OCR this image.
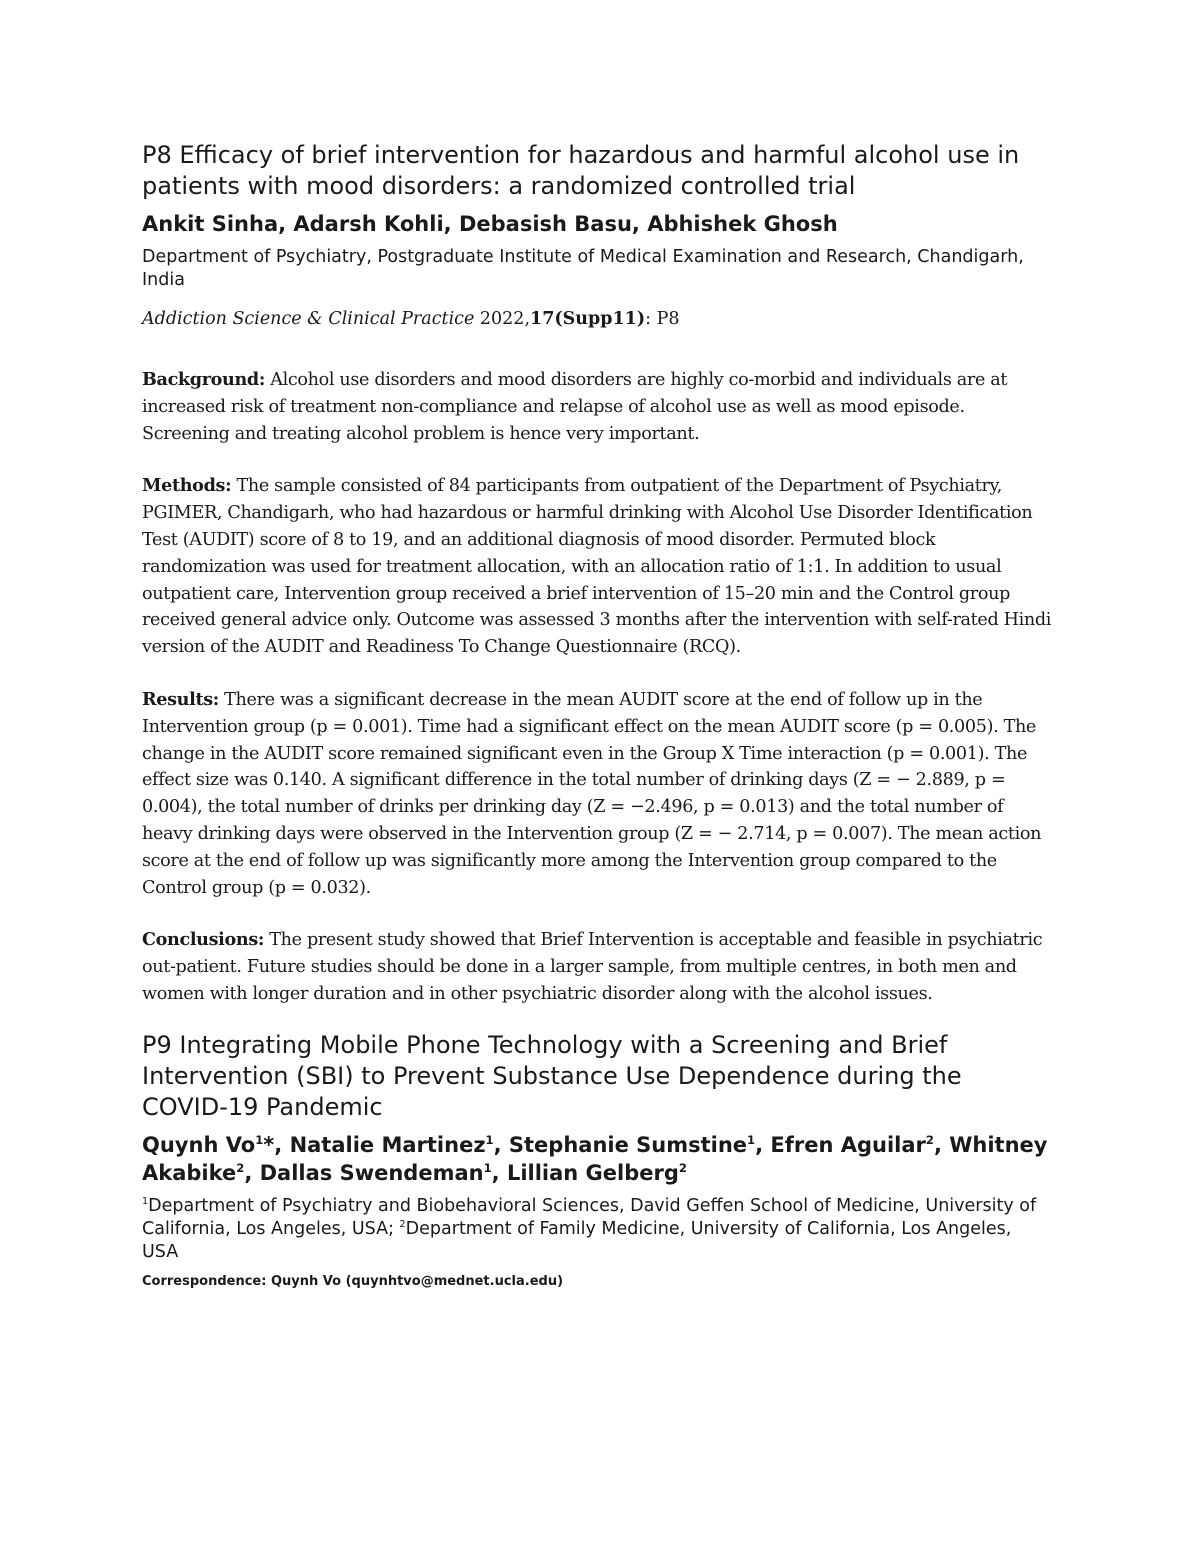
P8 Efficacy of brief intervention for hazardous and harmful alcohol use in patients with mood disorders: a randomized controlled trial

Ankit Sinha, Adarsh Kohli, Debasish Basu, Abhishek Ghosh

Department of Psychiatry, Postgraduate Institute of Medical Examination and Research, Chandigarh, India

Addiction Science & Clinical Practice 2022,17(Supp11): P8

Background: Alcohol use disorders and mood disorders are highly co-morbid and individuals are at increased risk of treatment non-compliance and relapse of alcohol use as well as mood episode. Screening and treating alcohol problem is hence very important.

Methods: The sample consisted of 84 participants from outpatient of the Department of Psychiatry, PGIMER, Chandigarh, who had hazardous or harmful drinking with Alcohol Use Disorder Identification Test (AUDIT) score of 8 to 19, and an additional diagnosis of mood disorder. Permuted block randomization was used for treatment allocation, with an allocation ratio of 1:1. In addition to usual outpatient care, Intervention group received a brief intervention of 15–20 min and the Control group received general advice only. Outcome was assessed 3 months after the intervention with self-rated Hindi version of the AUDIT and Readiness To Change Questionnaire (RCQ).

Results: There was a significant decrease in the mean AUDIT score at the end of follow up in the Intervention group (p = 0.001). Time had a significant effect on the mean AUDIT score (p = 0.005). The change in the AUDIT score remained significant even in the Group X Time interaction (p = 0.001). The effect size was 0.140. A significant difference in the total number of drinking days (Z = − 2.889, p = 0.004), the total number of drinks per drinking day (Z = −2.496, p = 0.013) and the total number of heavy drinking days were observed in the Intervention group (Z = − 2.714, p = 0.007). The mean action score at the end of follow up was significantly more among the Intervention group compared to the Control group (p = 0.032).

Conclusions: The present study showed that Brief Intervention is acceptable and feasible in psychiatric out-patient. Future studies should be done in a larger sample, from multiple centres, in both men and women with longer duration and in other psychiatric disorder along with the alcohol issues.

P9 Integrating Mobile Phone Technology with a Screening and Brief Intervention (SBI) to Prevent Substance Use Dependence during the COVID-19 Pandemic

Quynh Vo$^1$*, Natalie Martinez$^1$, Stephanie Sumstine$^1$, Efren Aguilar$^2$, Whitney Akabike$^2$, Dallas Swendeman$^1$, Lillian Gelberg$^2$

$^1$Department of Psychiatry and Biobehavioral Sciences, David Geffen School of Medicine, University of California, Los Angeles, USA; $^2$Department of Family Medicine, University of California, Los Angeles, USA

Correspondence: Quynh Vo (quynhtvo@mednet.ucla.edu)
